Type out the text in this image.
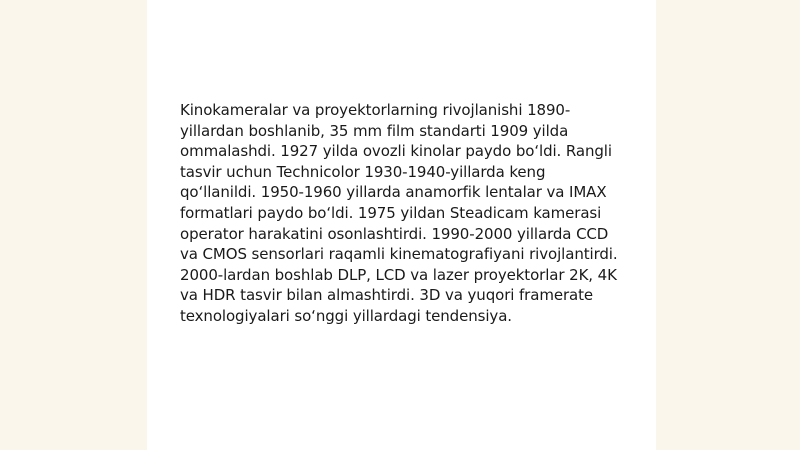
Kinokameralar va proyektorlarning rivojlanishi 1890-yillardan boshlanib, 35 mm film standarti 1909 yilda ommalashdi. 1927 yilda ovozli kinolar paydo bo‘ldi. Rangli tasvir uchun Technicolor 1930-1940-yillarda keng qo‘llanildi. 1950-1960 yillarda anamorfik lentalar va IMAX formatlari paydo bo‘ldi. 1975 yildan Steadicam kamerasi operator harakatini osonlashtirdi. 1990-2000 yillarda CCD va CMOS sensorlari raqamli kinematografiyani rivojlantirdi. 2000-lardan boshlab DLP, LCD va lazer proyektorlar 2K, 4K va HDR tasvir bilan almashtirdi. 3D va yuqori framerate texnologiyalari so‘nggi yillardagi tendensiya.
